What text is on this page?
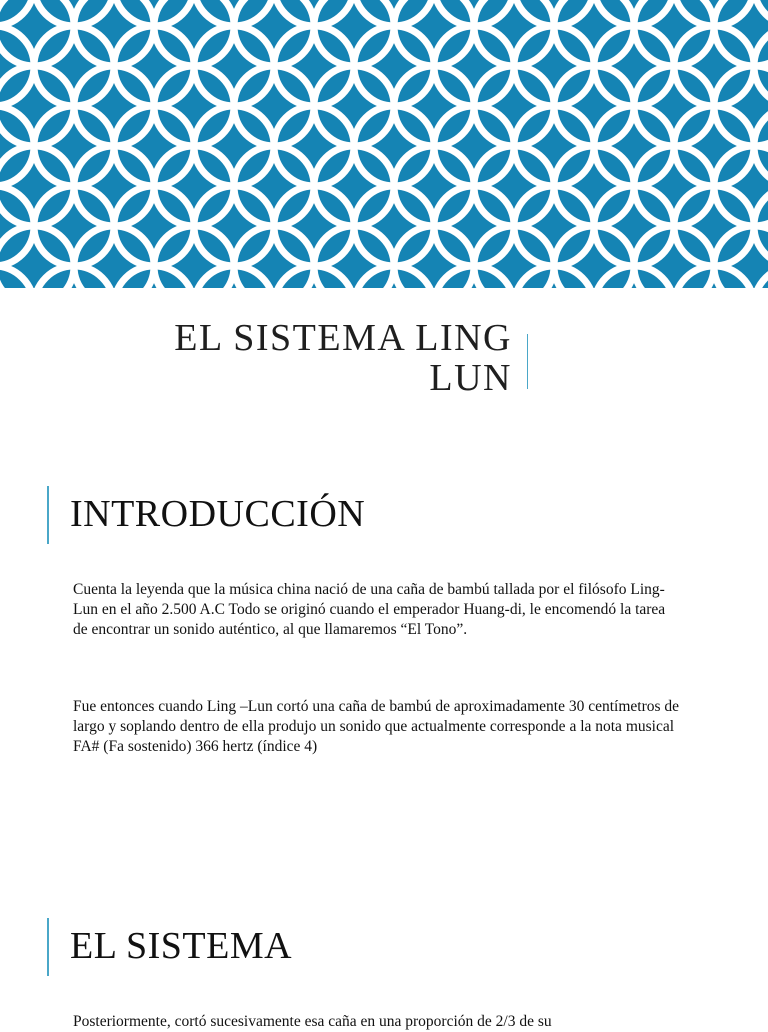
EL SISTEMA LING
LUN
INTRODUCCIÓN
Cuenta la leyenda que la música china nació de una caña de bambú tallada por el filósofo Ling-Lun en el año 2.500 A.C Todo se originó cuando el emperador Huang-di, le encomendó la tarea de encontrar un sonido auténtico, al que llamaremos “El Tono”.
Fue entonces cuando Ling –Lun cortó una caña de bambú de aproximadamente 30 centímetros de largo y soplando dentro de ella produjo un sonido que actualmente corresponde a la nota musical FA# (Fa sostenido) 366 hertz (índice 4)
EL SISTEMA
Posteriormente, cortó sucesivamente esa caña en una proporción de 2/3 de su
